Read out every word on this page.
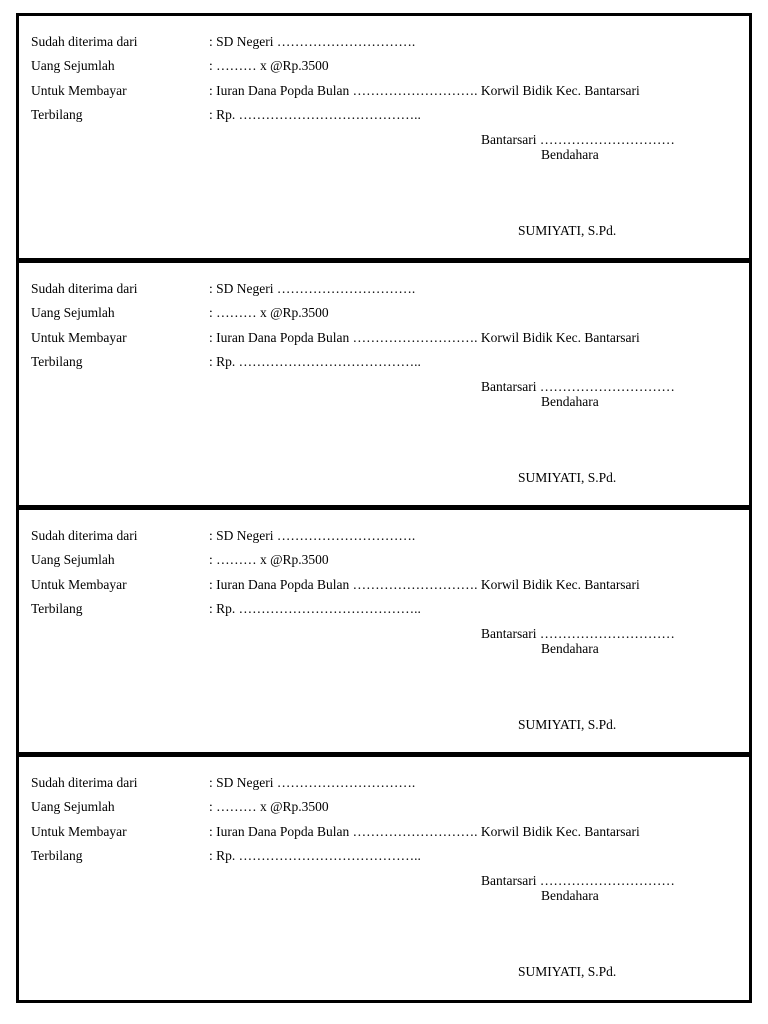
Sudah diterima dari	: SD Negeri ………………………….
Uang Sejumlah	: ……… x @Rp.3500
Untuk Membayar	: Iuran Dana Popda Bulan ………………………. Korwil Bidik Kec. Bantarsari
Terbilang	: Rp. …………………………………..
Bantarsari …………………………
Bendahara
SUMIYATI, S.Pd.
Sudah diterima dari	: SD Negeri ………………………….
Uang Sejumlah	: ……… x @Rp.3500
Untuk Membayar	: Iuran Dana Popda Bulan ………………………. Korwil Bidik Kec. Bantarsari
Terbilang	: Rp. …………………………………..
Bantarsari …………………………
Bendahara
SUMIYATI, S.Pd.
Sudah diterima dari	: SD Negeri ………………………….
Uang Sejumlah	: ……… x @Rp.3500
Untuk Membayar	: Iuran Dana Popda Bulan ………………………. Korwil Bidik Kec. Bantarsari
Terbilang	: Rp. …………………………………..
Bantarsari …………………………
Bendahara
SUMIYATI, S.Pd.
Sudah diterima dari	: SD Negeri ………………………….
Uang Sejumlah	: ……… x @Rp.3500
Untuk Membayar	: Iuran Dana Popda Bulan ………………………. Korwil Bidik Kec. Bantarsari
Terbilang	: Rp. …………………………………..
Bantarsari …………………………
Bendahara
SUMIYATI, S.Pd.
